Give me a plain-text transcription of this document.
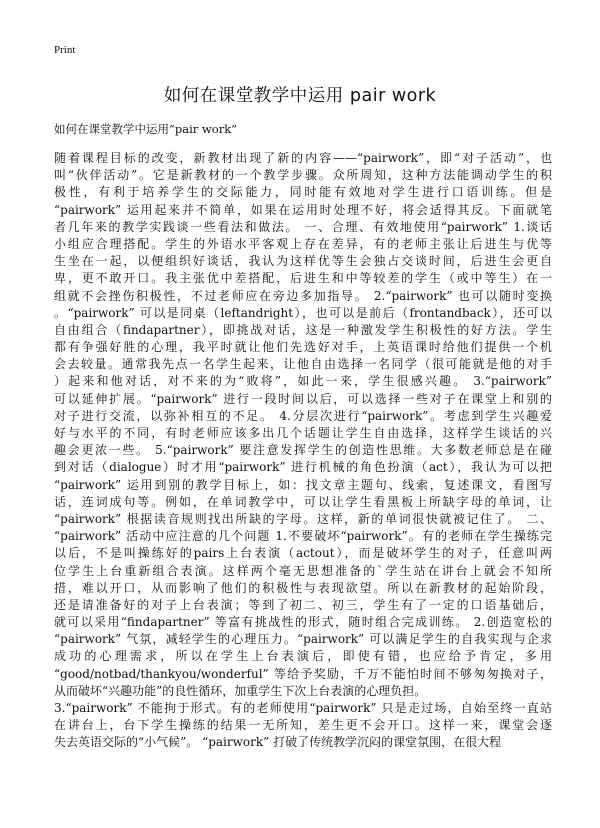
Print
如何在课堂教学中运用 pair work
如何在课堂教学中运用“pair work”
随着课程目标的改变，新教材出现了新的内容——“pairwork”，即“对子活动”，也
叫“伙伴活动”。它是新教材的一个教学步骤。众所周知，这种方法能调动学生的积
极性，有利于培养学生的交际能力，同时能有效地对学生进行口语训练。但是
“pairwork” 运用起来并不简单，如果在运用时处理不好，将会适得其反。下面就笔
者几年来的教学实践谈一些看法和做法。 一、合理、有效地使用“pairwork” 1.谈话
小组应合理搭配。学生的外语水平客观上存在差异，有的老师主张让后进生与优等
生坐在一起，以便组织好谈话，我认为这样优等生会独占交谈时间，后进生会更自
卑，更不敢开口。我主张优中差搭配，后进生和中等较差的学生（或中等生）在一
组就不会挫伤积极性，不过老师应在旁边多加指导。 2.“pairwork” 也可以随时变换
。“pairwork” 可以是同桌（leftandright），也可以是前后（frontandback），还可以
自由组合（findapartner），即挑战对话，这是一种激发学生积极性的好方法。学生
都有争强好胜的心理，我平时就让他们先选好对手，上英语课时给他们提供一个机
会去较量。通常我先点一名学生起来，让他自由选择一名同学（很可能就是他的对手
）起来和他对话，对不来的为“败将”，如此一来，学生很感兴趣。 3.“pairwork”
可以延伸扩展。“pairwork” 进行一段时间以后，可以选择一些对子在课堂上和别的
对子进行交流，以弥补相互的不足。 4.分层次进行“pairwork”。考虑到学生兴趣爱
好与水平的不同，有时老师应该多出几个话题让学生自由选择，这样学生谈话的兴
趣会更浓一些。 5.“pairwork” 要注意发挥学生的创造性思维。大多数老师总是在碰
到对话（dialogue）时才用“pairwork” 进行机械的角色扮演（act），我认为可以把
“pairwork” 运用到别的教学目标上，如：找文章主题句、线索，复述课文，看图写
话，连词成句等。例如，在单词教学中，可以让学生看黑板上所缺字母的单词，让
“pairwork” 根据读音规则找出所缺的字母。这样，新的单词很快就被记住了。 二、
“pairwork” 活动中应注意的几个问题 1.不要破坏“pairwork”。有的老师在学生操练完
以后，不是叫操练好的pairs上台表演（actout），而是破坏学生的对子，任意叫两
位学生上台重新组合表演。这样两个毫无思想准备的`学生站在讲台上就会不知所
措，难以开口，从而影响了他们的积极性与表现欲望。所以在新教材的起始阶段，
还是请准备好的对子上台表演；等到了初二、初三，学生有了一定的口语基础后，
就可以采用“findapartner” 等富有挑战性的形式，随时组合完成训练。 2.创造宽松的
“pairwork” 气氛，减轻学生的心理压力。“pairwork” 可以满足学生的自我实现与企求
成功的心理需求，所以在学生上台表演后，即使有错，也应给予肯定，多用
“good/notbad/thankyou/wonderful” 等给予奖励，千万不能怕时间不够匆匆换对子，
从而破坏“兴趣功能”的良性循环，加重学生下次上台表演的心理负担。
3.“pairwork” 不能拘于形式。有的老师使用“pairwork” 只是走过场，自始至终一直站
在讲台上，台下学生操练的结果一无所知，差生更不会开口。这样一来，课堂会逐
失去英语交际的“小气候”。 “pairwork” 打破了传统教学沉闷的课堂氛围，在很大程
